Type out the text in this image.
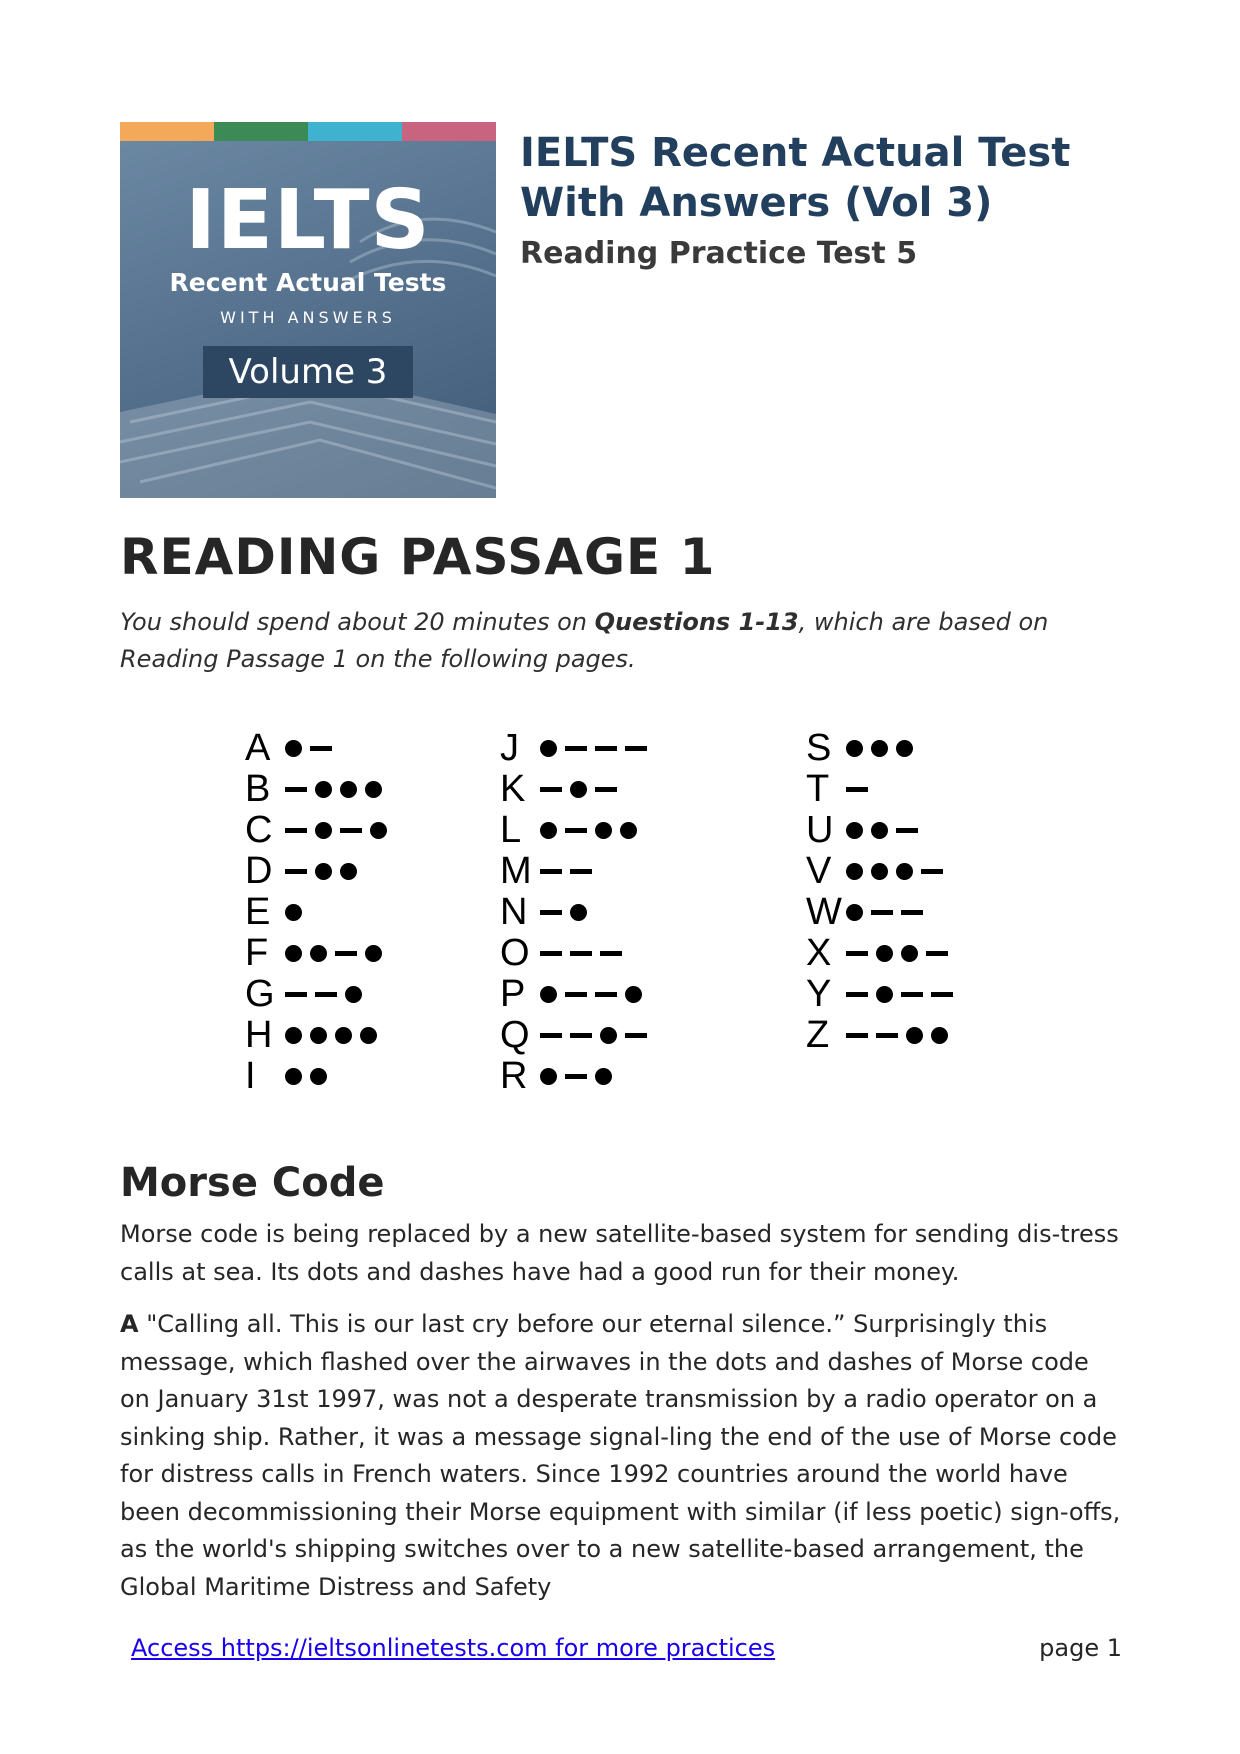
IELTS
Recent Actual Tests
WITH ANSWERS
Volume 3
IELTS Recent Actual Test With Answers (Vol 3)
Reading Practice Test 5
READING PASSAGE 1

You should spend about 20 minutes on Questions 1-13, which are based on Reading Passage 1 on the following pages.

A
B
C
D
E
F
G
H
I
J
K
L
M
N
O
P
Q
R
S
T
U
V
W
X
Y
Z
Morse Code

Morse code is being replaced by a new satellite-based system for sending dis-tress calls at sea. Its dots and dashes have had a good run for their money.

A "Calling all. This is our last cry before our eternal silence.” Surprisingly this message, which flashed over the airwaves in the dots and dashes of Morse code on January 31st 1997, was not a desperate transmission by a radio operator on a sinking ship. Rather, it was a message signal-ling the end of the use of Morse code for distress calls in French waters. Since 1992 countries around the world have been decommissioning their Morse equipment with similar (if less poetic) sign-offs, as the world's shipping switches over to a new satellite-based arrangement, the Global Maritime Distress and Safety

Access https://ieltsonlinetests.com for more practices	page 1
